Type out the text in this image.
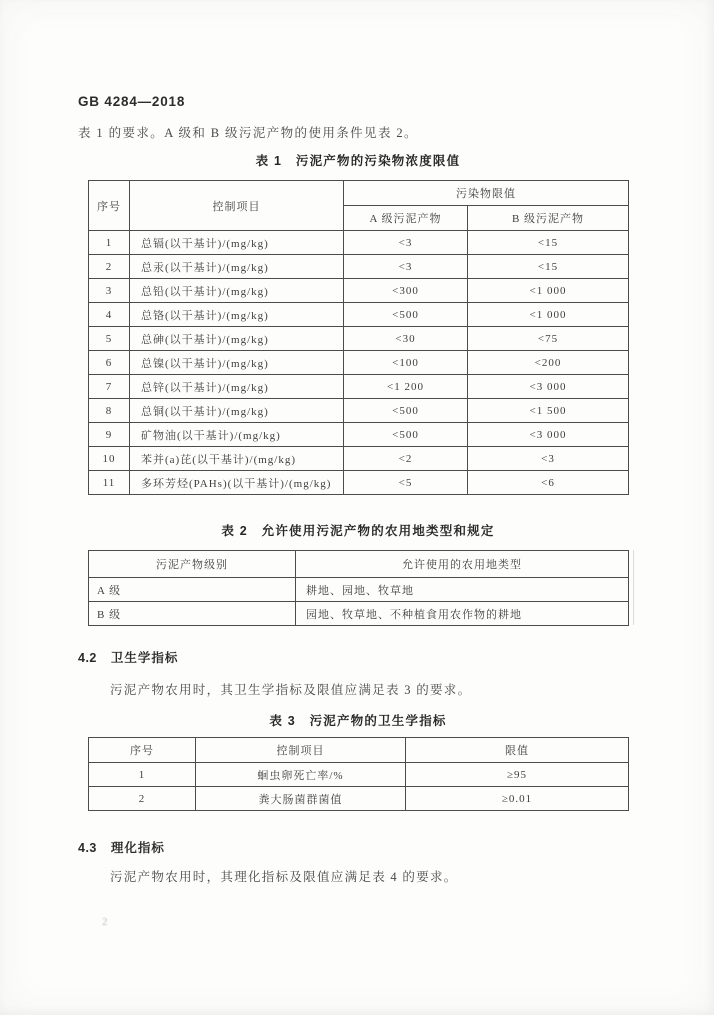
GB 4284—2018
表 1 的要求。A 级和 B 级污泥产物的使用条件见表 2。
表 1　污泥产物的污染物浓度限值
序号	控制项目	污染物限值	
		A 级污泥产物	B 级污泥产物
1	总镉(以干基计)/(mg/kg)	<3	<15
2	总汞(以干基计)/(mg/kg)	<3	<15
3	总铅(以干基计)/(mg/kg)	<300	<1 000
4	总铬(以干基计)/(mg/kg)	<500	<1 000
5	总砷(以干基计)/(mg/kg)	<30	<75
6	总镍(以干基计)/(mg/kg)	<100	<200
7	总锌(以干基计)/(mg/kg)	<1 200	<3 000
8	总铜(以干基计)/(mg/kg)	<500	<1 500
9	矿物油(以干基计)/(mg/kg)	<500	<3 000
10	苯并(a)芘(以干基计)/(mg/kg)	<2	<3
11	多环芳烃(PAHs)(以干基计)/(mg/kg)	<5	<6
表 2　允许使用污泥产物的农用地类型和规定
污泥产物级别	允许使用的农用地类型
A 级	耕地、园地、牧草地
B 级	园地、牧草地、不种植食用农作物的耕地
4.2 卫生学指标
污泥产物农用时，其卫生学指标及限值应满足表 3 的要求。
表 3　污泥产物的卫生学指标
序号	控制项目	限值
1	蛔虫卵死亡率/%	≥95
2	粪大肠菌群菌值	≥0.01
4.3 理化指标
污泥产物农用时，其理化指标及限值应满足表 4 的要求。
2
